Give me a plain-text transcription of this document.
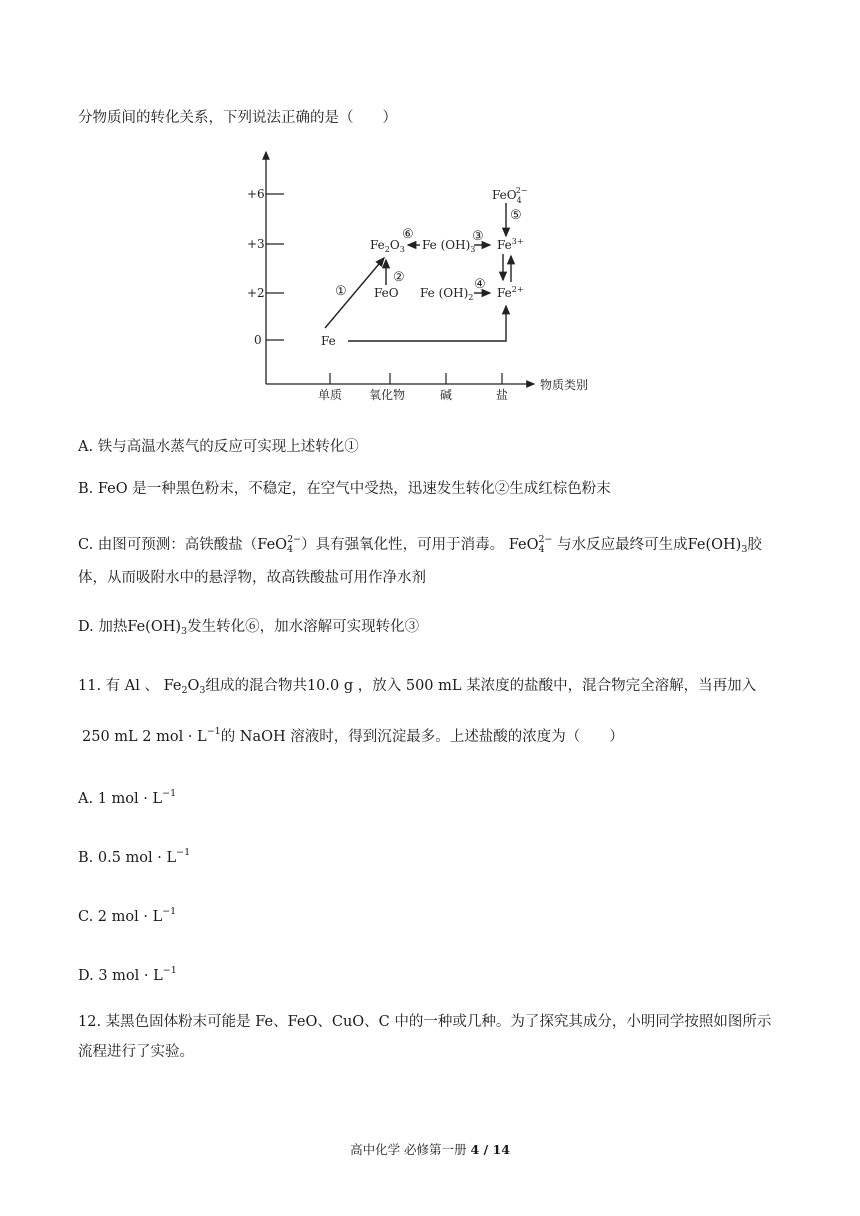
分物质间的转化关系，下列说法正确的是（　　）
+6
+3
+2
0
单质 氧化物	碱	盐
物质类别
FeO$_4$2−
$Fe_2O_3$ Fe $(OH)_3$ $Fe^{3+}$
FeO Fe $(OH)_2$ $Fe^{2+}$
Fe
①
②
③
④
⑤
⑥
A. 铁与高温水蒸气的反应可实现上述转化①
B. FeO 是一种黑色粉末，不稳定，在空气中受热，迅速发生转化②生成红棕色粉末
C. 由图可预测：高铁酸盐（FeO$_4^{2-}$）具有强氧化性，可用于消毒。 FeO$_4^{2-}$ 与水反应最终可生成$Fe(OH)_3$胶
体，从而吸附水中的悬浮物，故高铁酸盐可用作净水剂
D. 加热$Fe(OH)_3$发生转化⑥，加水溶解可实现转化③
11. 有 Al 、 $Fe_2O_3$组成的混合物共10.0 g ，放入 500 mL 某浓度的盐酸中，混合物完全溶解，当再加入
250 mL 2 mol · $L^{-1}$的 NaOH 溶液时，得到沉淀最多。上述盐酸的浓度为（　　）
A. 1 mol · $L^{-1}$
B. 0.5 mol · $L^{-1}$
C. 2 mol · $L^{-1}$
D. 3 mol · $L^{-1}$
12. 某黑色固体粉末可能是 Fe、FeO、CuO、C 中的一种或几种。为了探究其成分，小明同学按照如图所示
流程进行了实验。
高中化学 必修第一册 4 / 14
